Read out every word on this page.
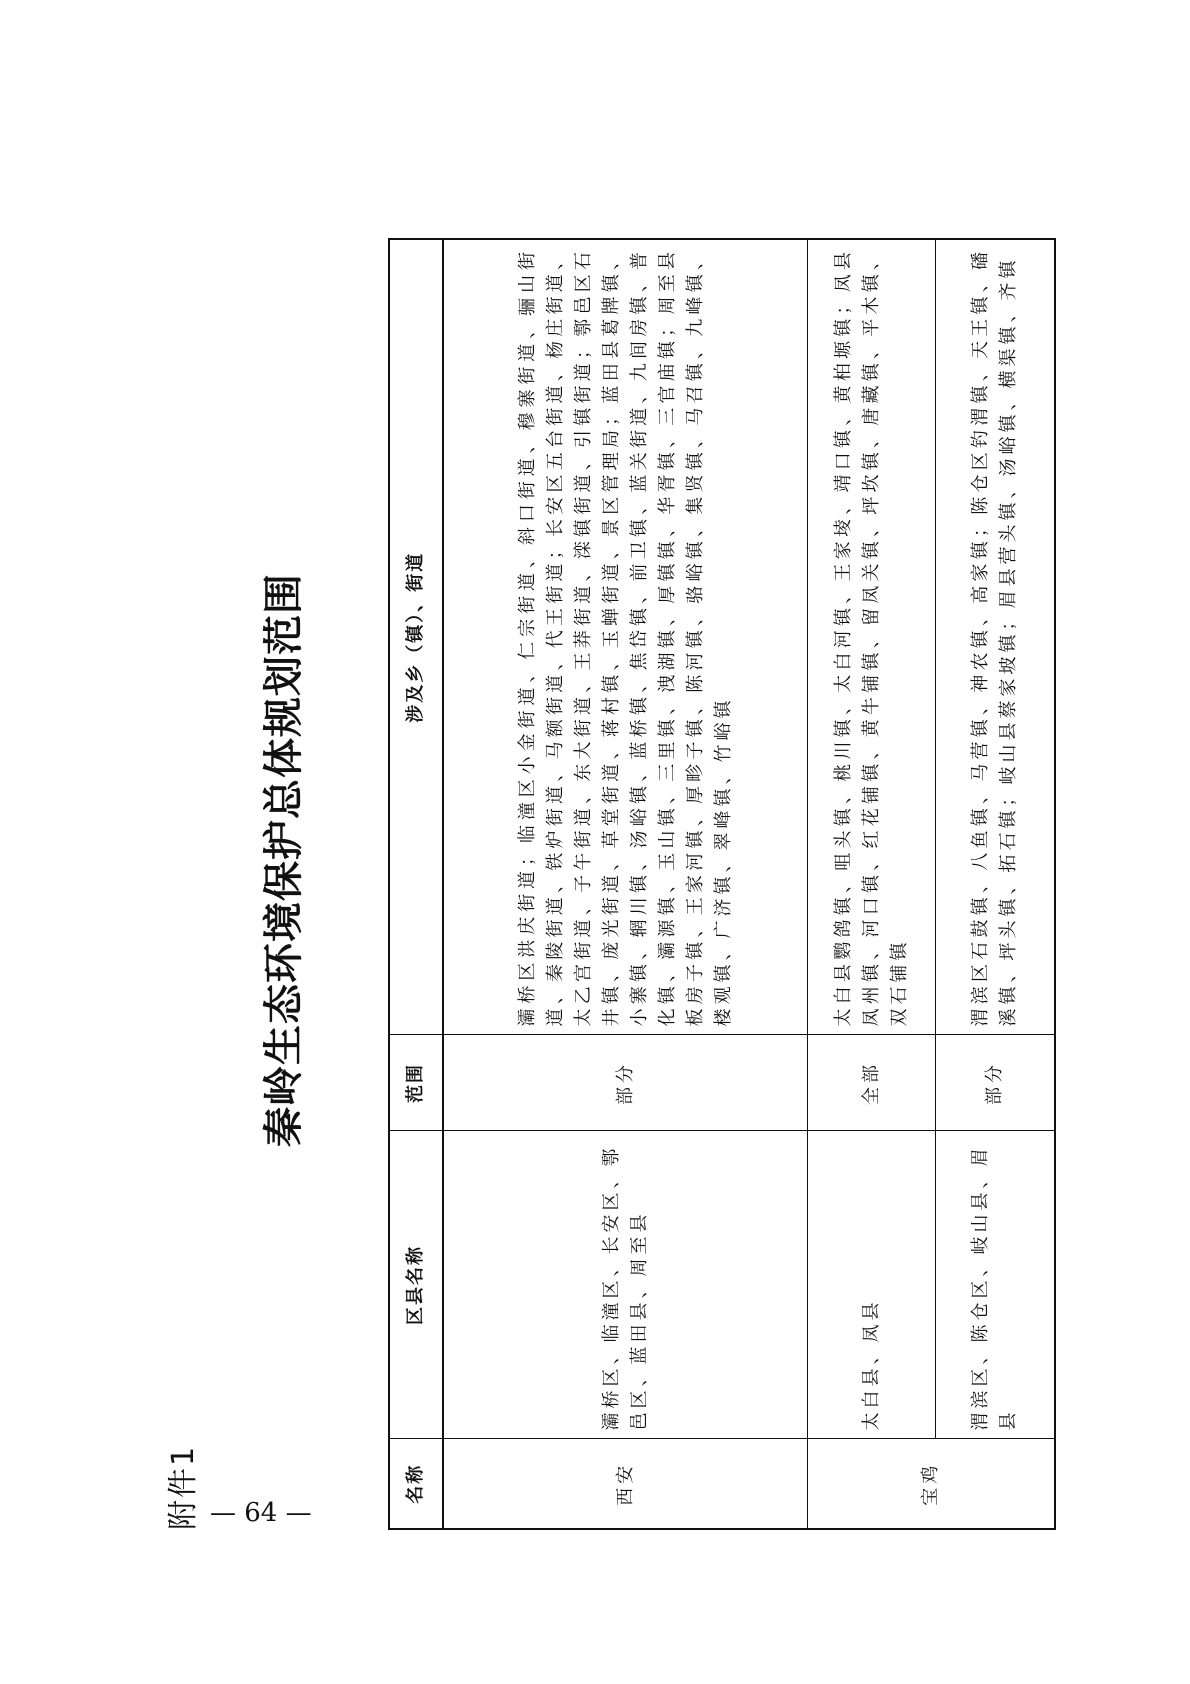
附件1
秦岭生态环境保护总体规划范围
名称	区县名称	范围	涉及乡（镇）、街道
西安	灞桥区、临潼区、长安区、鄠邑区、蓝田县、周至县	部分	灞桥区洪庆街道；临潼区小金街道、仁宗街道、斜口街道、穆寨街道、骊山街道、秦陵街道、铁炉街道、马额街道、代王街道；长安区五台街道、杨庄街道、太乙宫街道、子午街道、东大街道、王莽街道、滦镇街道、引镇街道；鄠邑区石井镇、庞光街道、草堂街道、蒋村镇、玉蝉街道、景区管理局；蓝田县葛牌镇、小寨镇、辋川镇、汤峪镇、蓝桥镇、焦岱镇、前卫镇、蓝关街道、九间房镇、普化镇、灞源镇、玉山镇、三里镇、洩湖镇、厚镇镇、华胥镇、三官庙镇；周至县板房子镇、王家河镇、厚畛子镇、陈河镇、骆峪镇、集贤镇、马召镇、九峰镇、楼观镇、广济镇、翠峰镇、竹峪镇
宝鸡	太白县、凤县	全部	太白县鹦鸽镇、咀头镇、桃川镇、太白河镇、王家堎、靖口镇、黄柏塬镇；凤县凤州镇、河口镇、红花铺镇、黄牛铺镇、留凤关镇、坪坎镇、唐藏镇、平木镇、双石铺镇
	渭滨区、陈仓区、岐山县、眉县	部分	渭滨区石鼓镇、八鱼镇、马营镇、神农镇、高家镇；陈仓区钓渭镇、天王镇、磻溪镇、坪头镇、拓石镇；岐山县蔡家坡镇；眉县营头镇、汤峪镇、横渠镇、齐镇
— 64 —
